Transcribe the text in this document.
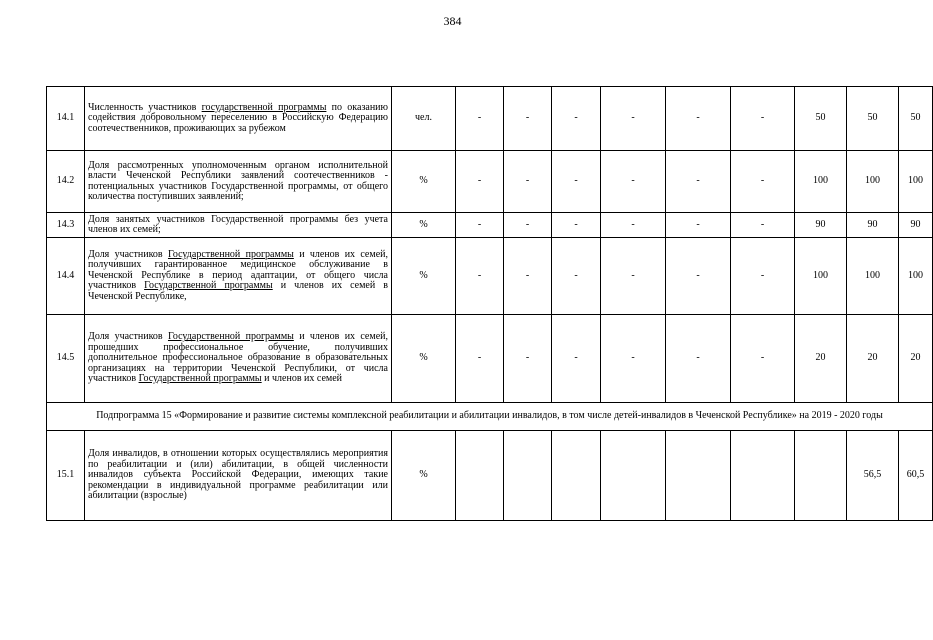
384
14.1	Численность участников государственной программы по оказанию содействия добровольному переселению в Российскую Федерацию соотечественников, проживающих за рубежом	чел.	-	-	-	-	-	-	50	50	50
14.2	Доля рассмотренных уполномоченным органом исполнительной власти Чеченской Республики заявлений соотечественников - потенциальных участников Государственной программы, от общего количества поступивших заявлений;	%	-	-	-	-	-	-	100	100	100
14.3	Доля занятых участников Государственной программы без учета членов их семей;	%	-	-	-	-	-	-	90	90	90
14.4	Доля участников Государственной программы и членов их семей, получивших гарантированное медицинское обслуживание в Чеченской Республике в период адаптации, от общего числа участников Государственной программы и членов их семей в Чеченской Республике,	%	-	-	-	-	-	-	100	100	100
14.5	Доля участников Государственной программы и членов их семей, прошедших профессиональное обучение, получивших дополнительное профессиональное образование в образовательных организациях на территории Чеченской Республики, от числа участников Государственной программы и членов их семей	%	-	-	-	-	-	-	20	20	20
Подпрограмма 15 «Формирование и развитие системы комплексной реабилитации и абилитации инвалидов, в том числе детей-инвалидов в Чеченской Республике» на 2019 - 2020 годы											
15.1	Доля инвалидов, в отношении которых осуществлялись мероприятия по реабилитации и (или) абилитации, в общей численности инвалидов субъекта Российской Федерации, имеющих такие рекомендации в индивидуальной программе реабилитации или абилитации (взрослые)	%								56,5	60,5
